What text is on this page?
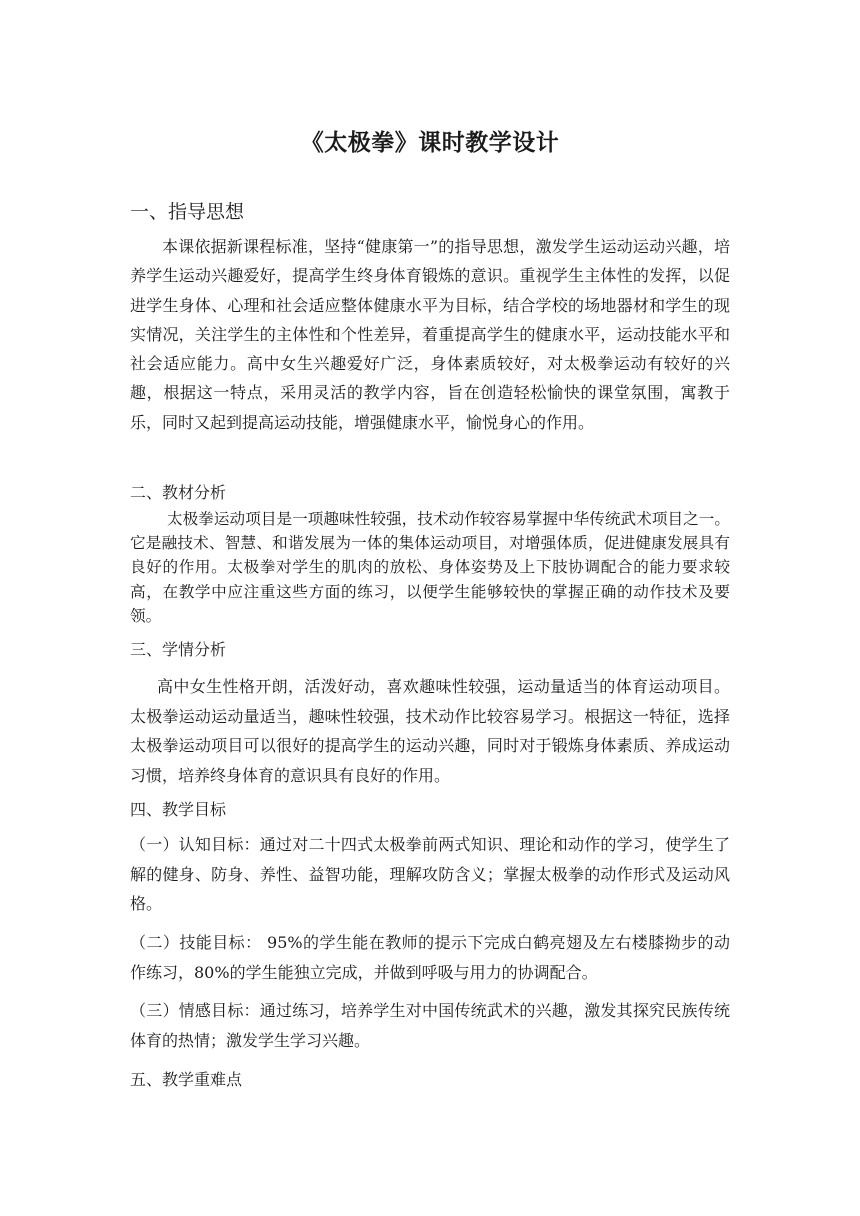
《太极拳》课时教学设计
一、指导思想
本课依据新课程标准，坚持“健康第一”的指导思想，激发学生运动运动兴趣，培养学生运动兴趣爱好，提高学生终身体育锻炼的意识。重视学生主体性的发挥，以促进学生身体、心理和社会适应整体健康水平为目标，结合学校的场地器材和学生的现实情况，关注学生的主体性和个性差异，着重提高学生的健康水平，运动技能水平和社会适应能力。高中女生兴趣爱好广泛，身体素质较好，对太极拳运动有较好的兴趣，根据这一特点，采用灵活的教学内容，旨在创造轻松愉快的课堂氛围，寓教于乐，同时又起到提高运动技能，增强健康水平，愉悦身心的作用。
二、教材分析
太极拳运动项目是一项趣味性较强，技术动作较容易掌握中华传统武术项目之一。它是融技术、智慧、和谐发展为一体的集体运动项目，对增强体质，促进健康发展具有良好的作用。太极拳对学生的肌肉的放松、身体姿势及上下肢协调配合的能力要求较高，在教学中应注重这些方面的练习，以便学生能够较快的掌握正确的动作技术及要领。
三、学情分析
高中女生性格开朗，活泼好动，喜欢趣味性较强，运动量适当的体育运动项目。太极拳运动运动量适当，趣味性较强，技术动作比较容易学习。根据这一特征，选择太极拳运动项目可以很好的提高学生的运动兴趣，同时对于锻炼身体素质、养成运动习惯，培养终身体育的意识具有良好的作用。
四、教学目标
（一）认知目标：通过对二十四式太极拳前两式知识、理论和动作的学习，使学生了解的健身、防身、养性、益智功能，理解攻防含义；掌握太极拳的动作形式及运动风格。
（二）技能目标： 95%的学生能在教师的提示下完成白鹤亮翅及左右楼膝拗步的动作练习，80%的学生能独立完成，并做到呼吸与用力的协调配合。
（三）情感目标：通过练习，培养学生对中国传统武术的兴趣，激发其探究民族传统体育的热情；激发学生学习兴趣。
五、教学重难点
